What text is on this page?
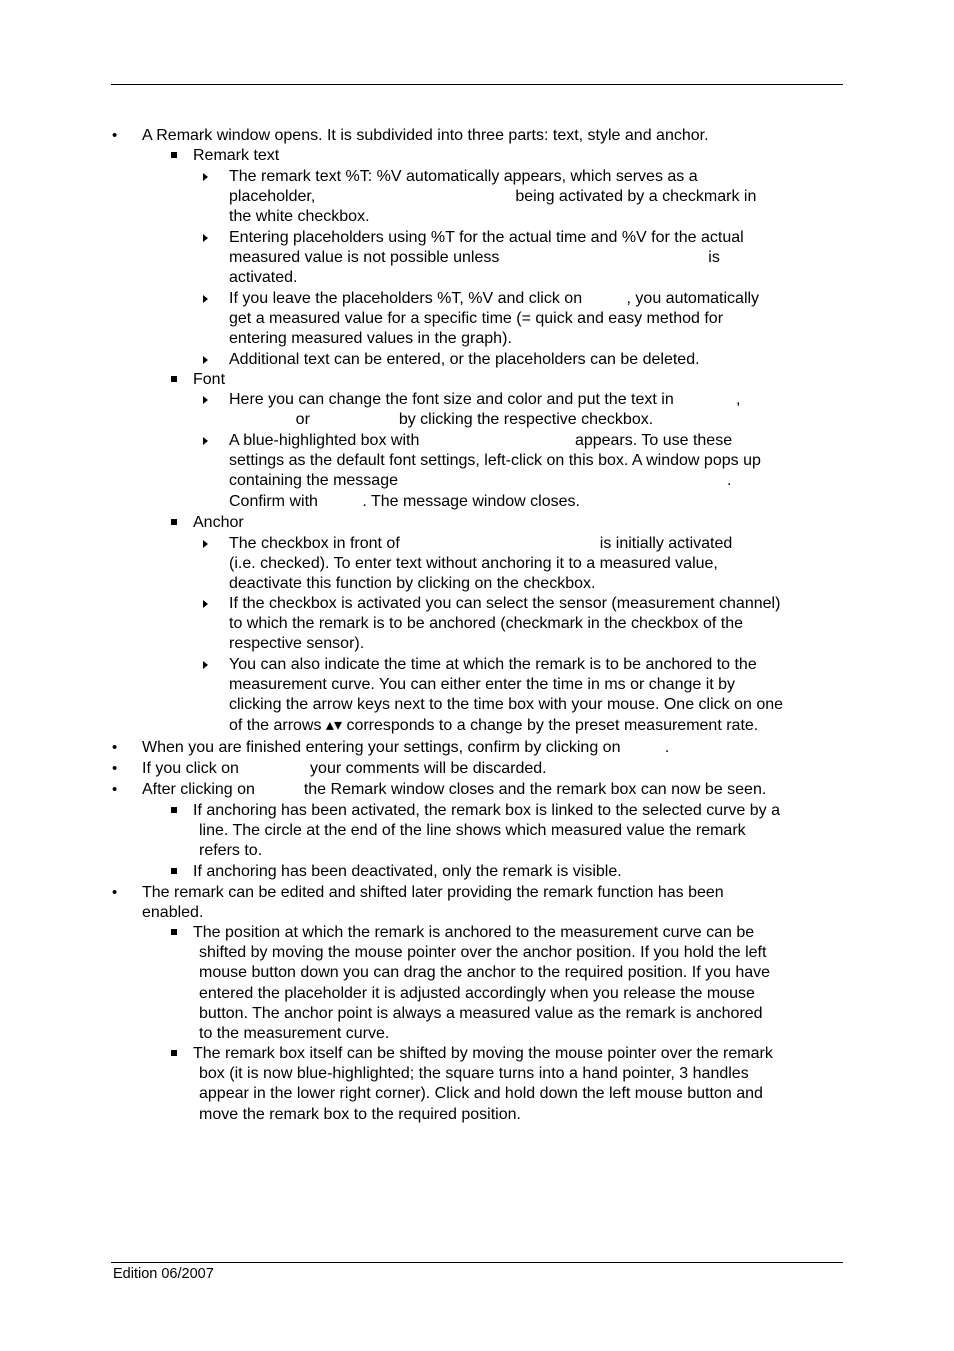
• A Remark window opens. It is subdivided into three parts: text, style and anchor.
Remark text
The remark text %T: %V automatically appears, which serves as a
placeholder,                                             being activated by a checkmark in
the white checkbox.
Entering placeholders using %T for the actual time and %V for the actual
measured value is not possible unless                                               is
activated.
If you leave the placeholders %T, %V and click on          , you automatically
get a measured value for a specific time (= quick and easy method for
entering measured values in the graph).
Additional text can be entered, or the placeholders can be deleted.
Font
Here you can change the font size and color and put the text in              ,
or                    by clicking the respective checkbox.
A blue-highlighted box with                                   appears. To use these
settings as the default font settings, left-click on this box. A window pops up
containing the message                                                                          .
Confirm with          . The message window closes.
Anchor
The checkbox in front of                                             is initially activated
(i.e. checked). To enter text without anchoring it to a measured value,
deactivate this function by clicking on the checkbox.
If the checkbox is activated you can select the sensor (measurement channel)
to which the remark is to be anchored (checkmark in the checkbox of the
respective sensor).
You can also indicate the time at which the remark is to be anchored to the
measurement curve. You can either enter the time in ms or change it by
clicking the arrow keys next to the time box with your mouse. One click on one
of the arrows ▴▾ corresponds to a change by the preset measurement rate.
• When you are finished entering your settings, confirm by clicking on          .
• If you click on                your comments will be discarded.
• After clicking on           the Remark window closes and the remark box can now be seen.
If anchoring has been activated, the remark box is linked to the selected curve by a
line. The circle at the end of the line shows which measured value the remark
refers to.
If anchoring has been deactivated, only the remark is visible.
• The remark can be edited and shifted later providing the remark function has been
enabled.
The position at which the remark is anchored to the measurement curve can be
shifted by moving the mouse pointer over the anchor position. If you hold the left
mouse button down you can drag the anchor to the required position. If you have
entered the placeholder it is adjusted accordingly when you release the mouse
button. The anchor point is always a measured value as the remark is anchored
to the measurement curve.
The remark box itself can be shifted by moving the mouse pointer over the remark
box (it is now blue-highlighted; the square turns into a hand pointer, 3 handles
appear in the lower right corner). Click and hold down the left mouse button and
move the remark box to the required position.
Edition 06/2007
